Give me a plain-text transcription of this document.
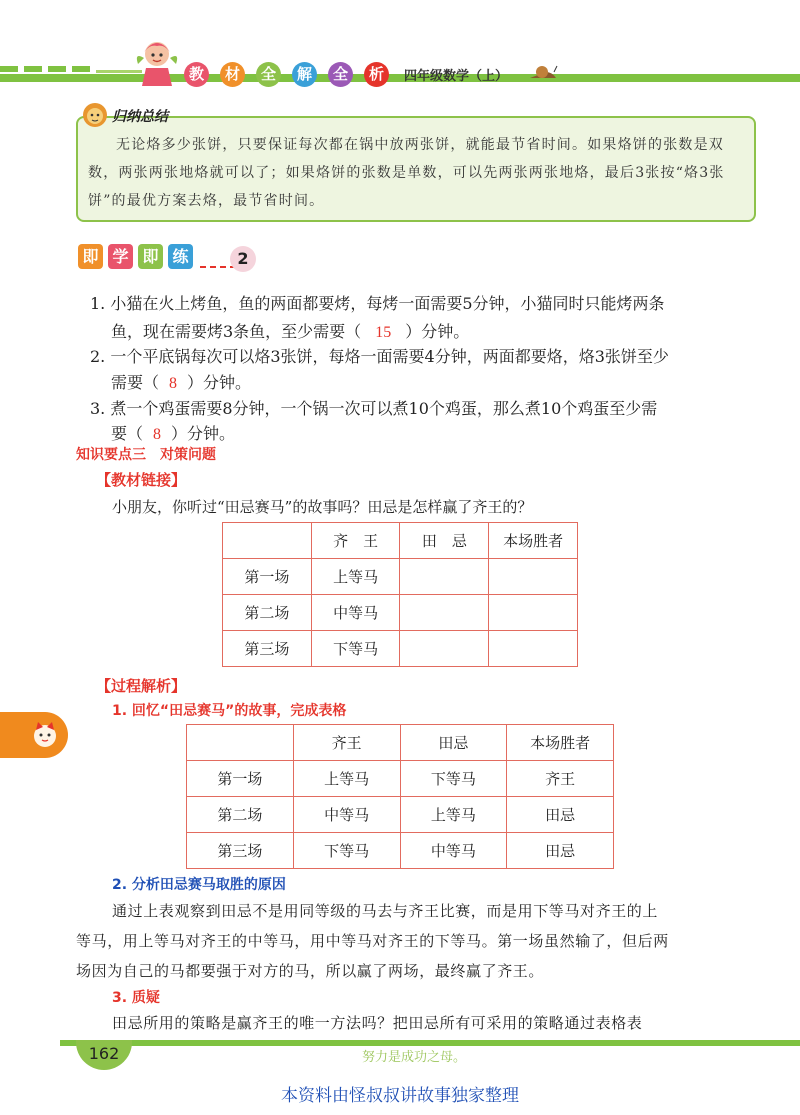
教	材	全	解	全	析	四年级数学（上）
归纳总结
无论烙多少张饼，只要保证每次都在锅中放两张饼，就能最节省时间。如果烙饼的张数是双数，两张两张地烙就可以了；如果烙饼的张数是单数，可以先两张两张地烙，最后3张按“烙3张饼”的最优方案去烙，最节省时间。
即 学 即 练	2
1. 小猫在火上烤鱼，鱼的两面都要烤，每烤一面需要5分钟，小猫同时只能烤两条
鱼，现在需要烤3条鱼，至少需要（ 15 ）分钟。
2. 一个平底锅每次可以烙3张饼，每烙一面需要4分钟，两面都要烙，烙3张饼至少
需要（ 8 ）分钟。
3. 煮一个鸡蛋需要8分钟，一个锅一次可以煮10个鸡蛋，那么煮10个鸡蛋至少需
要（ 8 ）分钟。
知识要点三　对策问题
【教材链接】
小朋友，你听过“田忌赛马”的故事吗？田忌是怎样赢了齐王的？
	齐　王	田　忌	本场胜者
第一场	上等马		
第二场	中等马		
第三场	下等马		
【过程解析】
1. 回忆“田忌赛马”的故事，完成表格
	齐王	田忌	本场胜者
第一场	上等马	下等马	齐王
第二场	中等马	上等马	田忌
第三场	下等马	中等马	田忌
2. 分析田忌赛马取胜的原因
通过上表观察到田忌不是用同等级的马去与齐王比赛，而是用下等马对齐王的上
等马，用上等马对齐王的中等马，用中等马对齐王的下等马。第一场虽然输了，但后两
场因为自己的马都要强于对方的马，所以赢了两场，最终赢了齐王。
3. 质疑
田忌所用的策略是赢齐王的唯一方法吗？把田忌所有可采用的策略通过表格表
162	努力是成功之母。
本资料由怪叔叔讲故事独家整理
